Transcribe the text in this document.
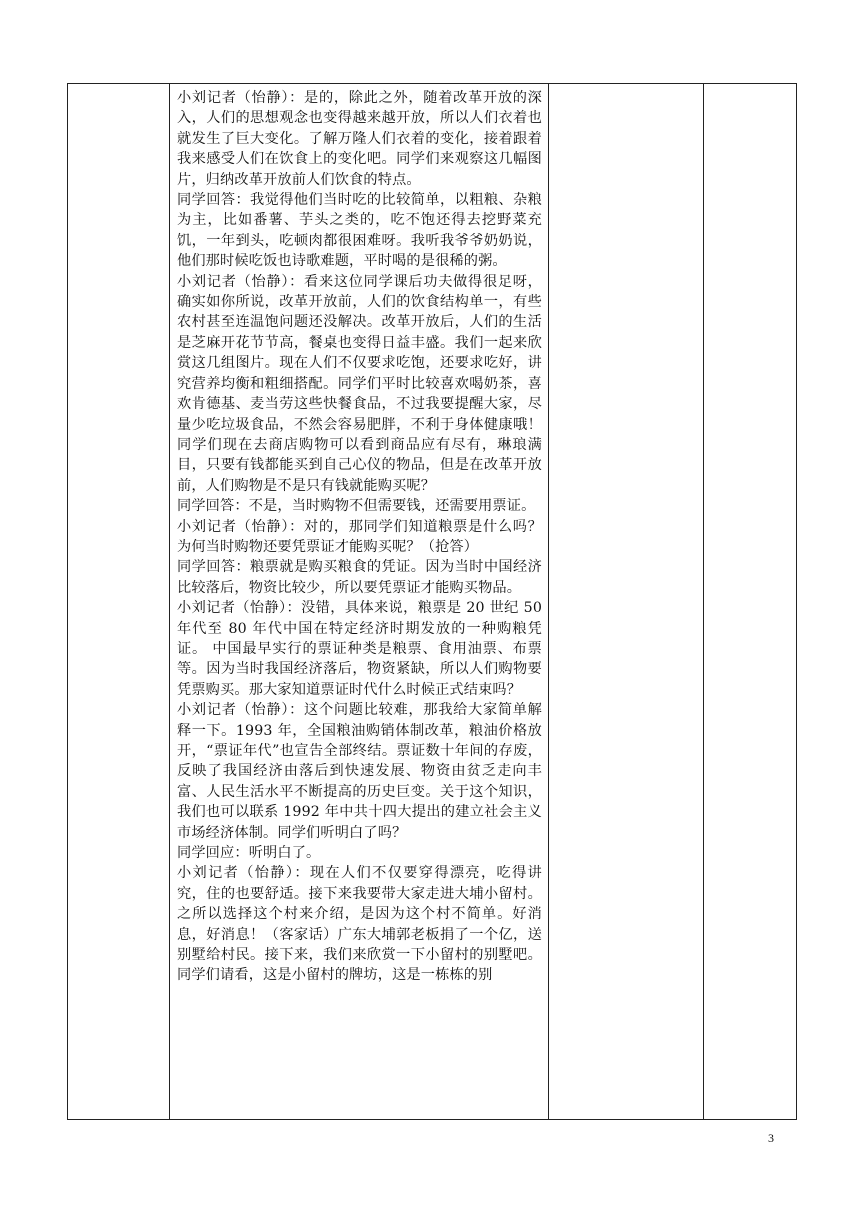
小刘记者（怡静）：是的，除此之外，随着改革开放的深入，人们的思想观念也变得越来越开放，所以人们衣着也就发生了巨大变化。了解万隆人们衣着的变化，接着跟着我来感受人们在饮食上的变化吧。同学们来观察这几幅图片，归纳改革开放前人们饮食的特点。

同学回答：我觉得他们当时吃的比较简单，以粗粮、杂粮为主，比如番薯、芋头之类的，吃不饱还得去挖野菜充饥，一年到头，吃顿肉都很困难呀。我听我爷爷奶奶说，他们那时候吃饭也诗歌难题，平时喝的是很稀的粥。

小刘记者（怡静）：看来这位同学课后功夫做得很足呀，确实如你所说，改革开放前，人们的饮食结构单一，有些农村甚至连温饱问题还没解决。改革开放后，人们的生活是芝麻开花节节高，餐桌也变得日益丰盛。我们一起来欣赏这几组图片。现在人们不仅要求吃饱，还要求吃好，讲究营养均衡和粗细搭配。同学们平时比较喜欢喝奶茶，喜欢肯德基、麦当劳这些快餐食品，不过我要提醒大家，尽量少吃垃圾食品，不然会容易肥胖，不利于身体健康哦！同学们现在去商店购物可以看到商品应有尽有，琳琅满目，只要有钱都能买到自己心仪的物品，但是在改革开放前，人们购物是不是只有钱就能购买呢？

同学回答：不是，当时购物不但需要钱，还需要用票证。

小刘记者（怡静）：对的，那同学们知道粮票是什么吗？为何当时购物还要凭票证才能购买呢？（抢答）

同学回答：粮票就是购买粮食的凭证。因为当时中国经济比较落后，物资比较少，所以要凭票证才能购买物品。

小刘记者（怡静）：没错，具体来说，粮票是 20 世纪 50 年代至 80 年代中国在特定经济时期发放的一种购粮凭证。 中国最早实行的票证种类是粮票、食用油票、布票等。因为当时我国经济落后，物资紧缺，所以人们购物要凭票购买。那大家知道票证时代什么时候正式结束吗？

小刘记者（怡静）：这个问题比较难，那我给大家简单解释一下。1993 年，全国粮油购销体制改革，粮油价格放开，“票证年代”也宣告全部终结。票证数十年间的存废，反映了我国经济由落后到快速发展、物资由贫乏走向丰富、人民生活水平不断提高的历史巨变。关于这个知识，我们也可以联系 1992 年中共十四大提出的建立社会主义市场经济体制。同学们听明白了吗？

同学回应：听明白了。

小刘记者（怡静）：现在人们不仅要穿得漂亮，吃得讲究，住的也要舒适。接下来我要带大家走进大埔小留村。之所以选择这个村来介绍，是因为这个村不简单。好消息，好消息！（客家话）广东大埔郭老板捐了一个亿，送别墅给村民。接下来，我们来欣赏一下小留村的别墅吧。同学们请看，这是小留村的牌坊，这是一栋栋的别

3
